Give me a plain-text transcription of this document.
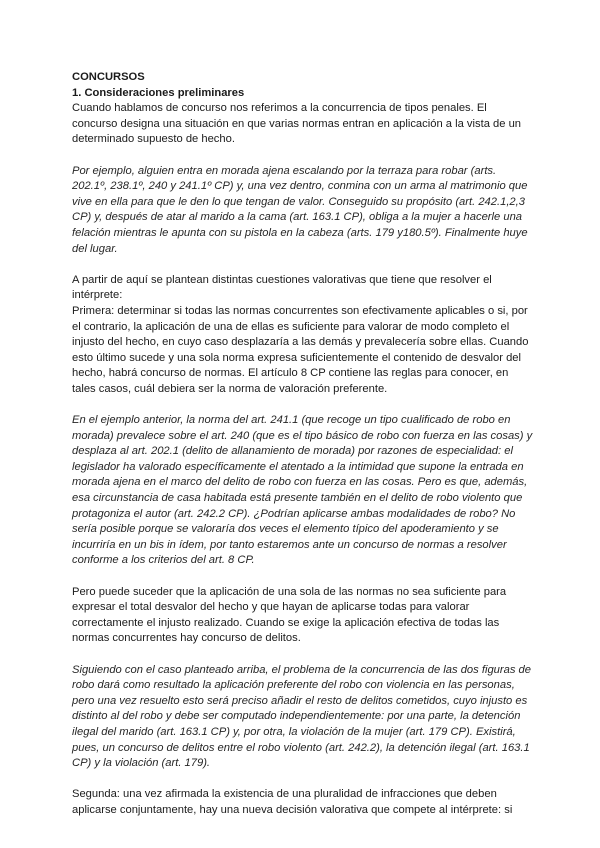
CONCURSOS

1. Consideraciones preliminares

Cuando hablamos de concurso nos referimos a la concurrencia de tipos penales. El concurso designa una situación en que varias normas entran en aplicación a la vista de un determinado supuesto de hecho.

Por ejemplo, alguien entra en morada ajena escalando por la terraza para robar (arts. 202.1º, 238.1º, 240 y 241.1º CP) y, una vez dentro, conmina con un arma al matrimonio que vive en ella para que le den lo que tengan de valor. Conseguido su propósito (art. 242.1,2,3 CP) y, después de atar al marido a la cama (art. 163.1 CP), obliga a la mujer a hacerle una felación mientras le apunta con su pistola en la cabeza (arts. 179 y180.5º). Finalmente huye del lugar.

A partir de aquí se plantean distintas cuestiones valorativas que tiene que resolver el intérprete:

Primera: determinar si todas las normas concurrentes son efectivamente aplicables o si, por el contrario, la aplicación de una de ellas es suficiente para valorar de modo completo el injusto del hecho, en cuyo caso desplazaría a las demás y prevalecería sobre ellas. Cuando esto último sucede y una sola norma expresa suficientemente el contenido de desvalor del hecho, habrá concurso de normas. El artículo 8 CP contiene las reglas para conocer, en tales casos, cuál debiera ser la norma de valoración preferente.

En el ejemplo anterior, la norma del art. 241.1 (que recoge un tipo cualificado de robo en morada) prevalece sobre el art. 240 (que es el tipo básico de robo con fuerza en las cosas) y desplaza al art. 202.1 (delito de allanamiento de morada) por razones de especialidad: el legislador ha valorado específicamente el atentado a la intimidad que supone la entrada en morada ajena en el marco del delito de robo con fuerza en las cosas. Pero es que, además, esa circunstancia de casa habitada está presente también en el delito de robo violento que protagoniza el autor (art. 242.2 CP). ¿Podrían aplicarse ambas modalidades de robo? No sería posible porque se valoraría dos veces el elemento típico del apoderamiento y se incurriría en un bis in ídem, por tanto estaremos ante un concurso de normas a resolver conforme a los criterios del art. 8 CP.

Pero puede suceder que la aplicación de una sola de las normas no sea suficiente para expresar el total desvalor del hecho y que hayan de aplicarse todas para valorar correctamente el injusto realizado. Cuando se exige la aplicación efectiva de todas las normas concurrentes hay concurso de delitos.

Siguiendo con el caso planteado arriba, el problema de la concurrencia de las dos figuras de robo dará como resultado la aplicación preferente del robo con violencia en las personas, pero una vez resuelto esto será preciso añadir el resto de delitos cometidos, cuyo injusto es distinto al del robo y debe ser computado independientemente: por una parte, la detención ilegal del marido (art. 163.1 CP) y, por otra, la violación de la mujer (art. 179 CP). Existirá, pues, un concurso de delitos entre el robo violento (art. 242.2), la detención ilegal (art. 163.1 CP) y la violación (art. 179).

Segunda: una vez afirmada la existencia de una pluralidad de infracciones que deben aplicarse conjuntamente, hay una nueva decisión valorativa que compete al intérprete: si
